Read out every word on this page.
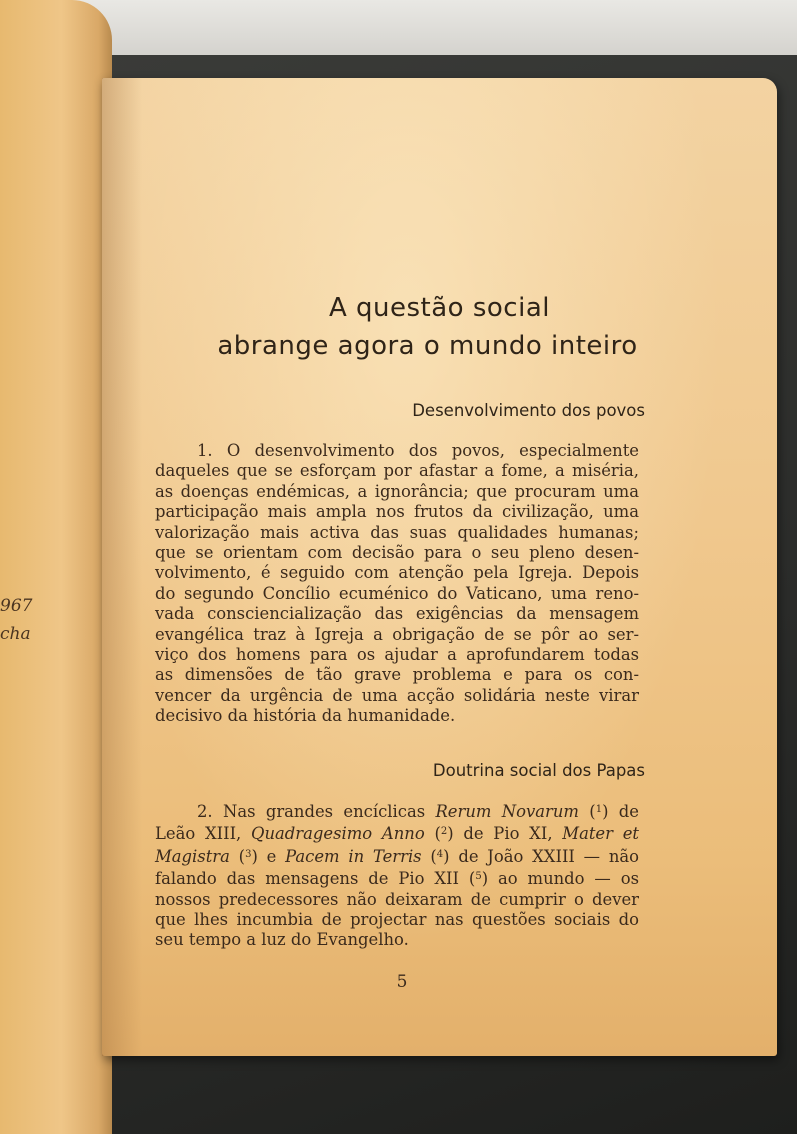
967
cha
A questão social
abrange agora o mundo inteiro
Desenvolvimento dos povos
1. O desenvolvimento dos povos, especialmente
daqueles que se esforçam por afastar a fome, a miséria,
as doenças endémicas, a ignorância; que procuram uma
participação mais ampla nos frutos da civilização, uma
valorização mais activa das suas qualidades humanas;
que se orientam com decisão para o seu pleno desen-
volvimento, é seguido com atenção pela Igreja. Depois
do segundo Concílio ecuménico do Vaticano, uma reno-
vada consciencialização das exigências da mensagem
evangélica traz à Igreja a obrigação de se pôr ao ser-
viço dos homens para os ajudar a aprofundarem todas
as dimensões de tão grave problema e para os con-
vencer da urgência de uma acção solidária neste virar
decisivo da história da humanidade.
Doutrina social dos Papas
2. Nas grandes encíclicas Rerum Novarum ($^1$) de
Leão XIII, Quadragesimo Anno ($^2$) de Pio XI, Mater et
Magistra ($^3$) e Pacem in Terris ($^4$) de João XXIII — não
falando das mensagens de Pio XII ($^5$) ao mundo — os
nossos predecessores não deixaram de cumprir o dever
que lhes incumbia de projectar nas questões sociais do
seu tempo a luz do Evangelho.
5
